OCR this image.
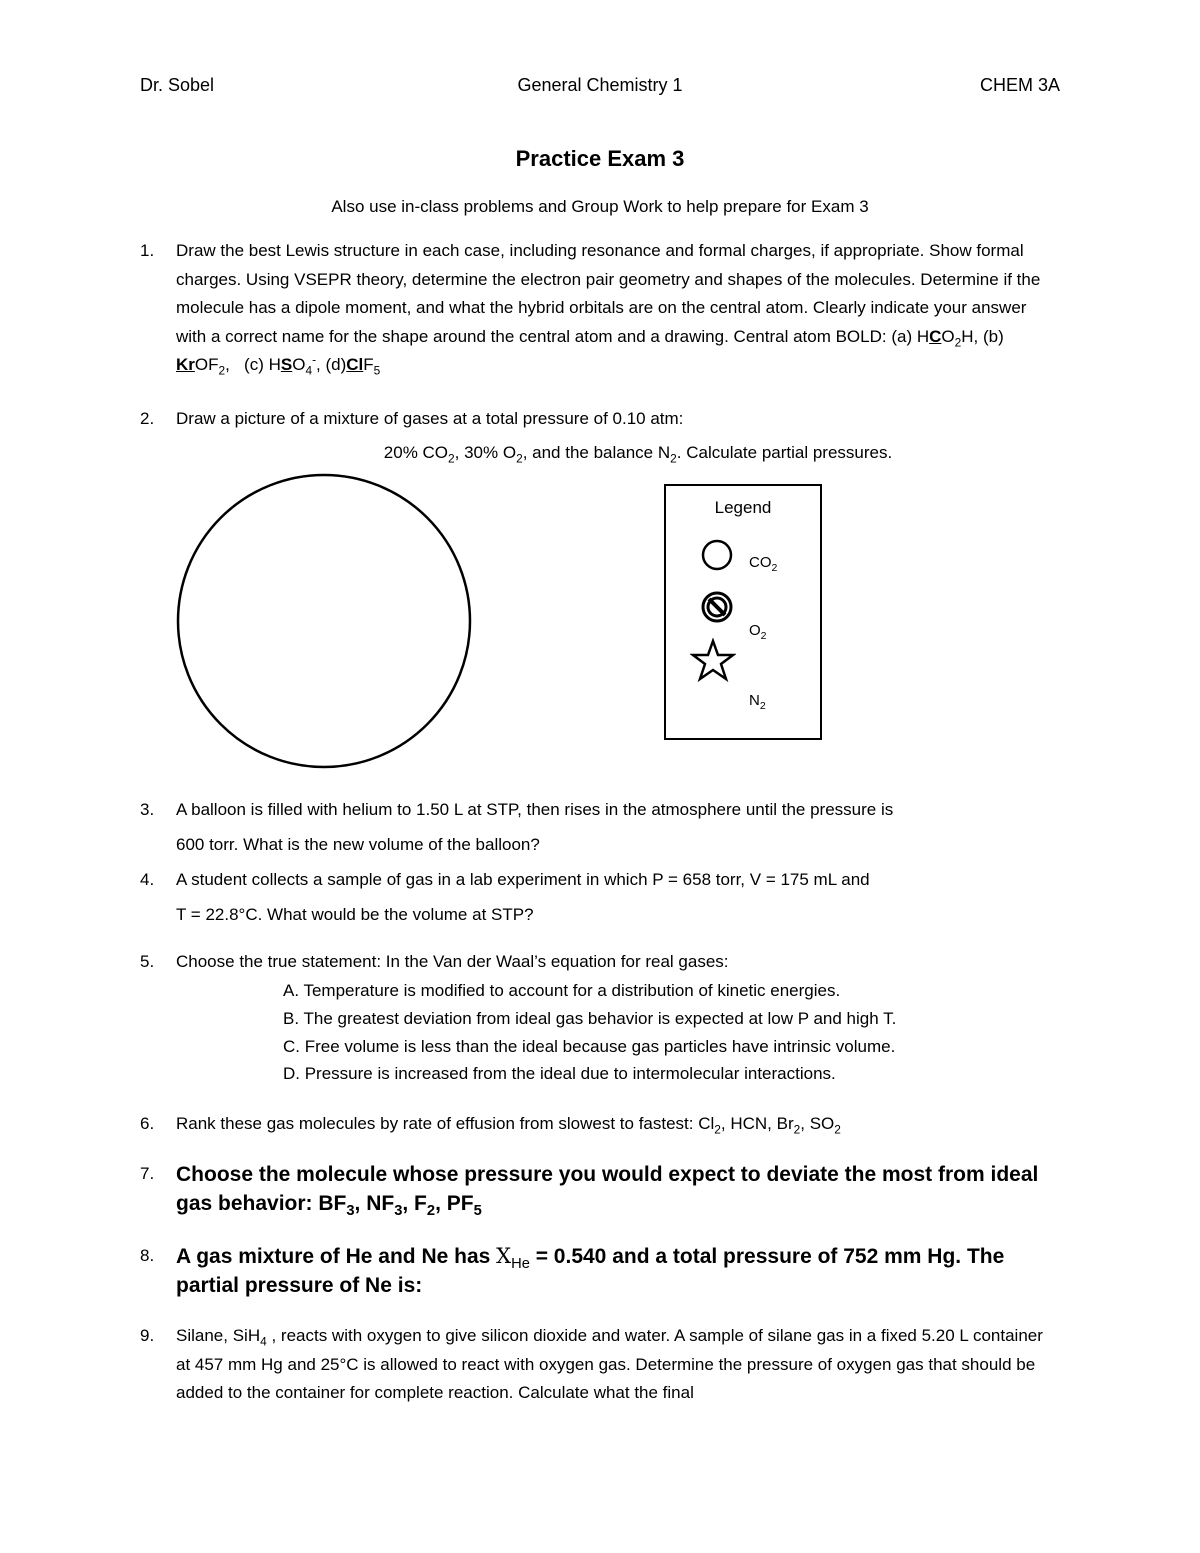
Dr. Sobel	General Chemistry 1	CHEM 3A
Practice Exam 3
Also use in-class problems and Group Work to help prepare for Exam 3
1.	Draw the best Lewis structure in each case, including resonance and formal charges, if appropriate. Show formal charges. Using VSEPR theory, determine the electron pair geometry and shapes of the molecules. Determine if the molecule has a dipole moment, and what the hybrid orbitals are on the central atom. Clearly indicate your answer with a correct name for the shape around the central atom and a drawing. Central atom BOLD: (a) $HCO_2H$, (b) KrOF$_2$,   (c) $HSO_4^-$, (d)ClF$_5$
2.	Draw a picture of a mixture of gases at a total pressure of 0.10 atm:
20% $CO_2$, 30% $O_2$, and the balance $N_2$. Calculate partial pressures.
Legend
$CO_2$
$O_2$
$N_2$
3.	A balloon is filled with helium to 1.50 L at STP, then rises in the atmosphere until the pressure is
600 torr. What is the new volume of the balloon?
4.	A student collects a sample of gas in a lab experiment in which P = 658 torr, V = 175 mL and
T = 22.8°C. What would be the volume at STP?
5.	Choose the true statement: In the Van der Waal’s equation for real gases:
A. Temperature is modified to account for a distribution of kinetic energies.
B. The greatest deviation from ideal gas behavior is expected at low P and high T.
C. Free volume is less than the ideal because gas particles have intrinsic volume.
D. Pressure is increased from the ideal due to intermolecular interactions.
6.	Rank these gas molecules by rate of effusion from slowest to fastest: $Cl_2$, HCN, $Br_2$, $SO_2$
7.	Choose the molecule whose pressure you would expect to deviate the most from ideal gas behavior: $BF_3$, $NF_3$, $F_2$, $PF_5$
8.	A gas mixture of He and Ne has $X_{He} = 0.540$ and a total pressure of 752 mm Hg. The partial pressure of Ne is:
9.	Silane, SiH$_4$ , reacts with oxygen to give silicon dioxide and water. A sample of silane gas in a fixed 5.20 L container at 457 mm Hg and 25°C is allowed to react with oxygen gas. Determine the pressure of oxygen gas that should be added to the container for complete reaction. Calculate what the final
